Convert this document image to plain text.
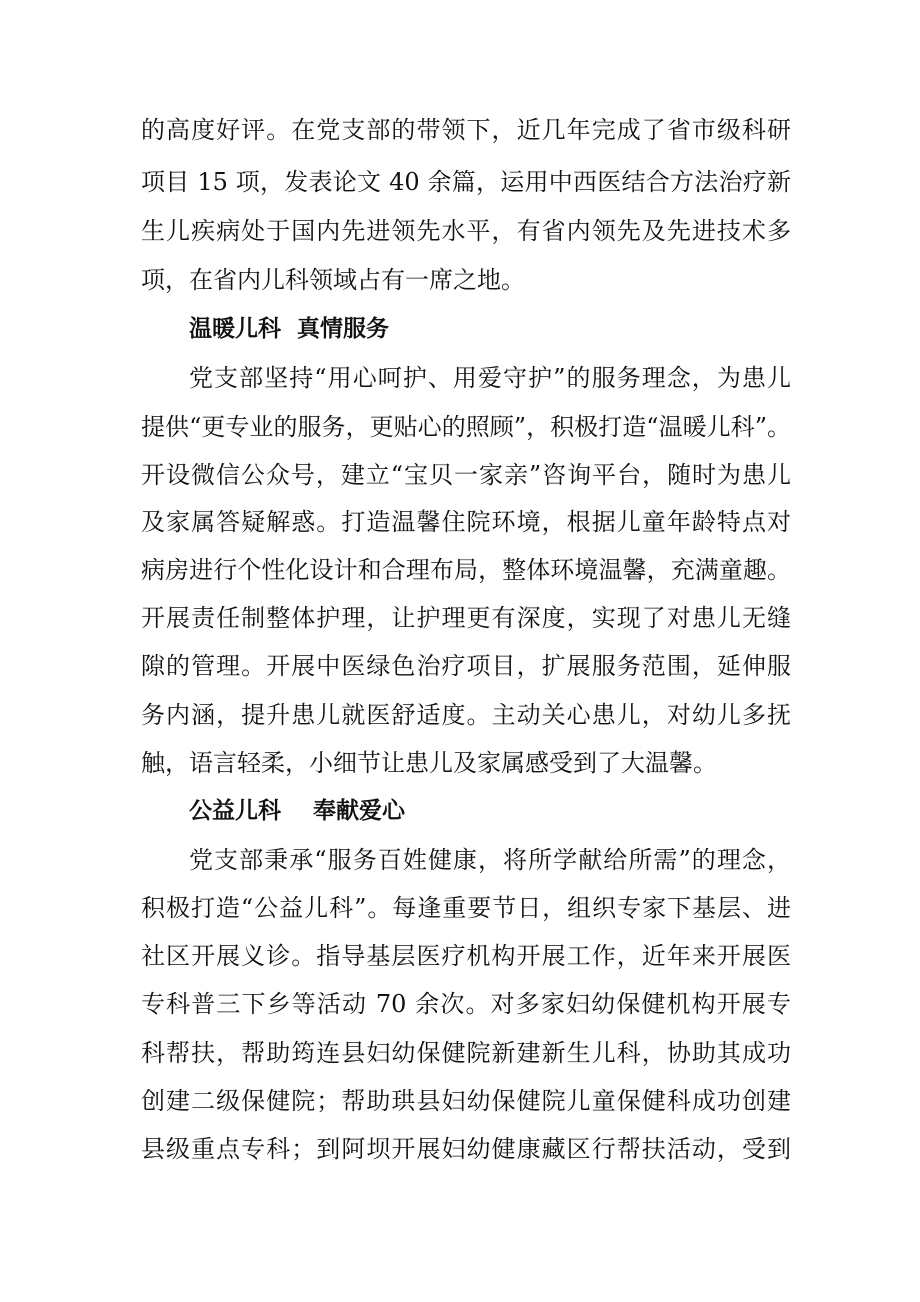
的高度好评。在党支部的带领下，近几年完成了省市级科研
项目 15 项，发表论文 40 余篇，运用中西医结合方法治疗新
生儿疾病处于国内先进领先水平，有省内领先及先进技术多
项，在省内儿科领域占有一席之地。
温暖儿科  真情服务
党支部坚持“用心呵护、用爱守护”的服务理念，为患儿
提供“更专业的服务，更贴心的照顾”，积极打造“温暖儿科”。
开设微信公众号，建立“宝贝一家亲”咨询平台，随时为患儿
及家属答疑解惑。打造温馨住院环境，根据儿童年龄特点对
病房进行个性化设计和合理布局，整体环境温馨，充满童趣。
开展责任制整体护理，让护理更有深度，实现了对患儿无缝
隙的管理。开展中医绿色治疗项目，扩展服务范围，延伸服
务内涵，提升患儿就医舒适度。主动关心患儿，对幼儿多抚
触，语言轻柔，小细节让患儿及家属感受到了大温馨。
公益儿科    奉献爱心
党支部秉承“服务百姓健康，将所学献给所需”的理念，
积极打造“公益儿科”。每逢重要节日，组织专家下基层、进
社区开展义诊。指导基层医疗机构开展工作，近年来开展医
专科普三下乡等活动 70 余次。对多家妇幼保健机构开展专
科帮扶，帮助筠连县妇幼保健院新建新生儿科，协助其成功
创建二级保健院；帮助珙县妇幼保健院儿童保健科成功创建
县级重点专科；到阿坝开展妇幼健康藏区行帮扶活动，受到
